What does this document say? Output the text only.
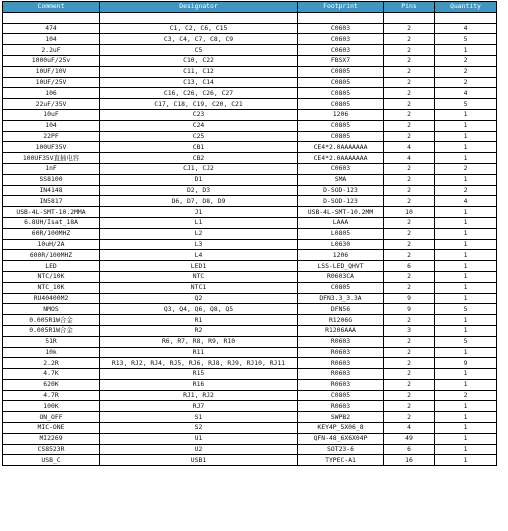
Comment	Designator	Footprint	Pins	Quantity

474	C1, C2, C6, C15	C0603	2	4
104	C3, C4, C7, C8, C9	C0603	2	5
2.2uF	C5	C0603	2	1
1000uF/25v	C10, C22	FBSX7	2	2
10UF/10V	C11, C12	C0805	2	2
10UF/25V	C13, C14	C0805	2	2
106	C16, C26, C26, C27	C0805	2	4
22uF/35V	C17, C18, C19, C20, C21	C0805	2	5
10uF	C23	1206	2	1
104	C24	C0805	2	1
22PF	C25	C0805	2	1
100UF35V	CB1	CE4*2.0AAAAAAA	4	1
100UF35V直插电容	CB2	CE4*2.0AAAAAAA	4	1
1nF	CJ1, CJ2	C0603	2	2
SS8100	D1	SMA	2	1
IN4148	D2, D3	D-SOD-123	2	2
IN5817	D6, D7, D8, D9	D-SOD-123	2	4
USB-4L-SMT-10.2MMA	J1	USB-4L-SMT-10.2MM	10	1
6.8UH/Isat_18A	L1	LAAA	2	1
60R/100MHZ	L2	L0805	2	1
10uH/2A	L3	L0630	2	1
600R/100MHZ	L4	1206	2	1
LED	LED1	LSS-LED_QHVT	6	1
NTC/10K	NTC	R0603CA	2	1
NTC_10K	NTC1	C0805	2	1
RU40400M2	Q2	DFN3.3_3.3A	9	1
NMOS	Q3, Q4, Q6, Q8, Q5	DFN56	9	5
0.005R1W合金	R1	R1206G	2	1
0.005R1W合金	R2	R1206AAA	3	1
51R	R6, R7, R8, R9, R10	R0603	2	5
10k	R11	R0603	2	1
2.2R	R13, RJ2, RJ4, RJ5, RJ6, RJ8, RJ9, RJ10, RJ11	R0603	2	9
4.7K	R15	R0603	2	1
620K	R16	R0603	2	1
4.7R	RJ1, RJ2	C0805	2	2
100K	RJ7	R0603	2	1
ON_OFF	S1	SWPB2	2	1
MIC-ONE	S2	KEY4P_5X06_8	4	1
MI2269	U1	QFN-48_6X6X04P	49	1
CS8523R	U2	SOT23-6	6	1
USB_C	USB1	TYPEC-A1	16	1
